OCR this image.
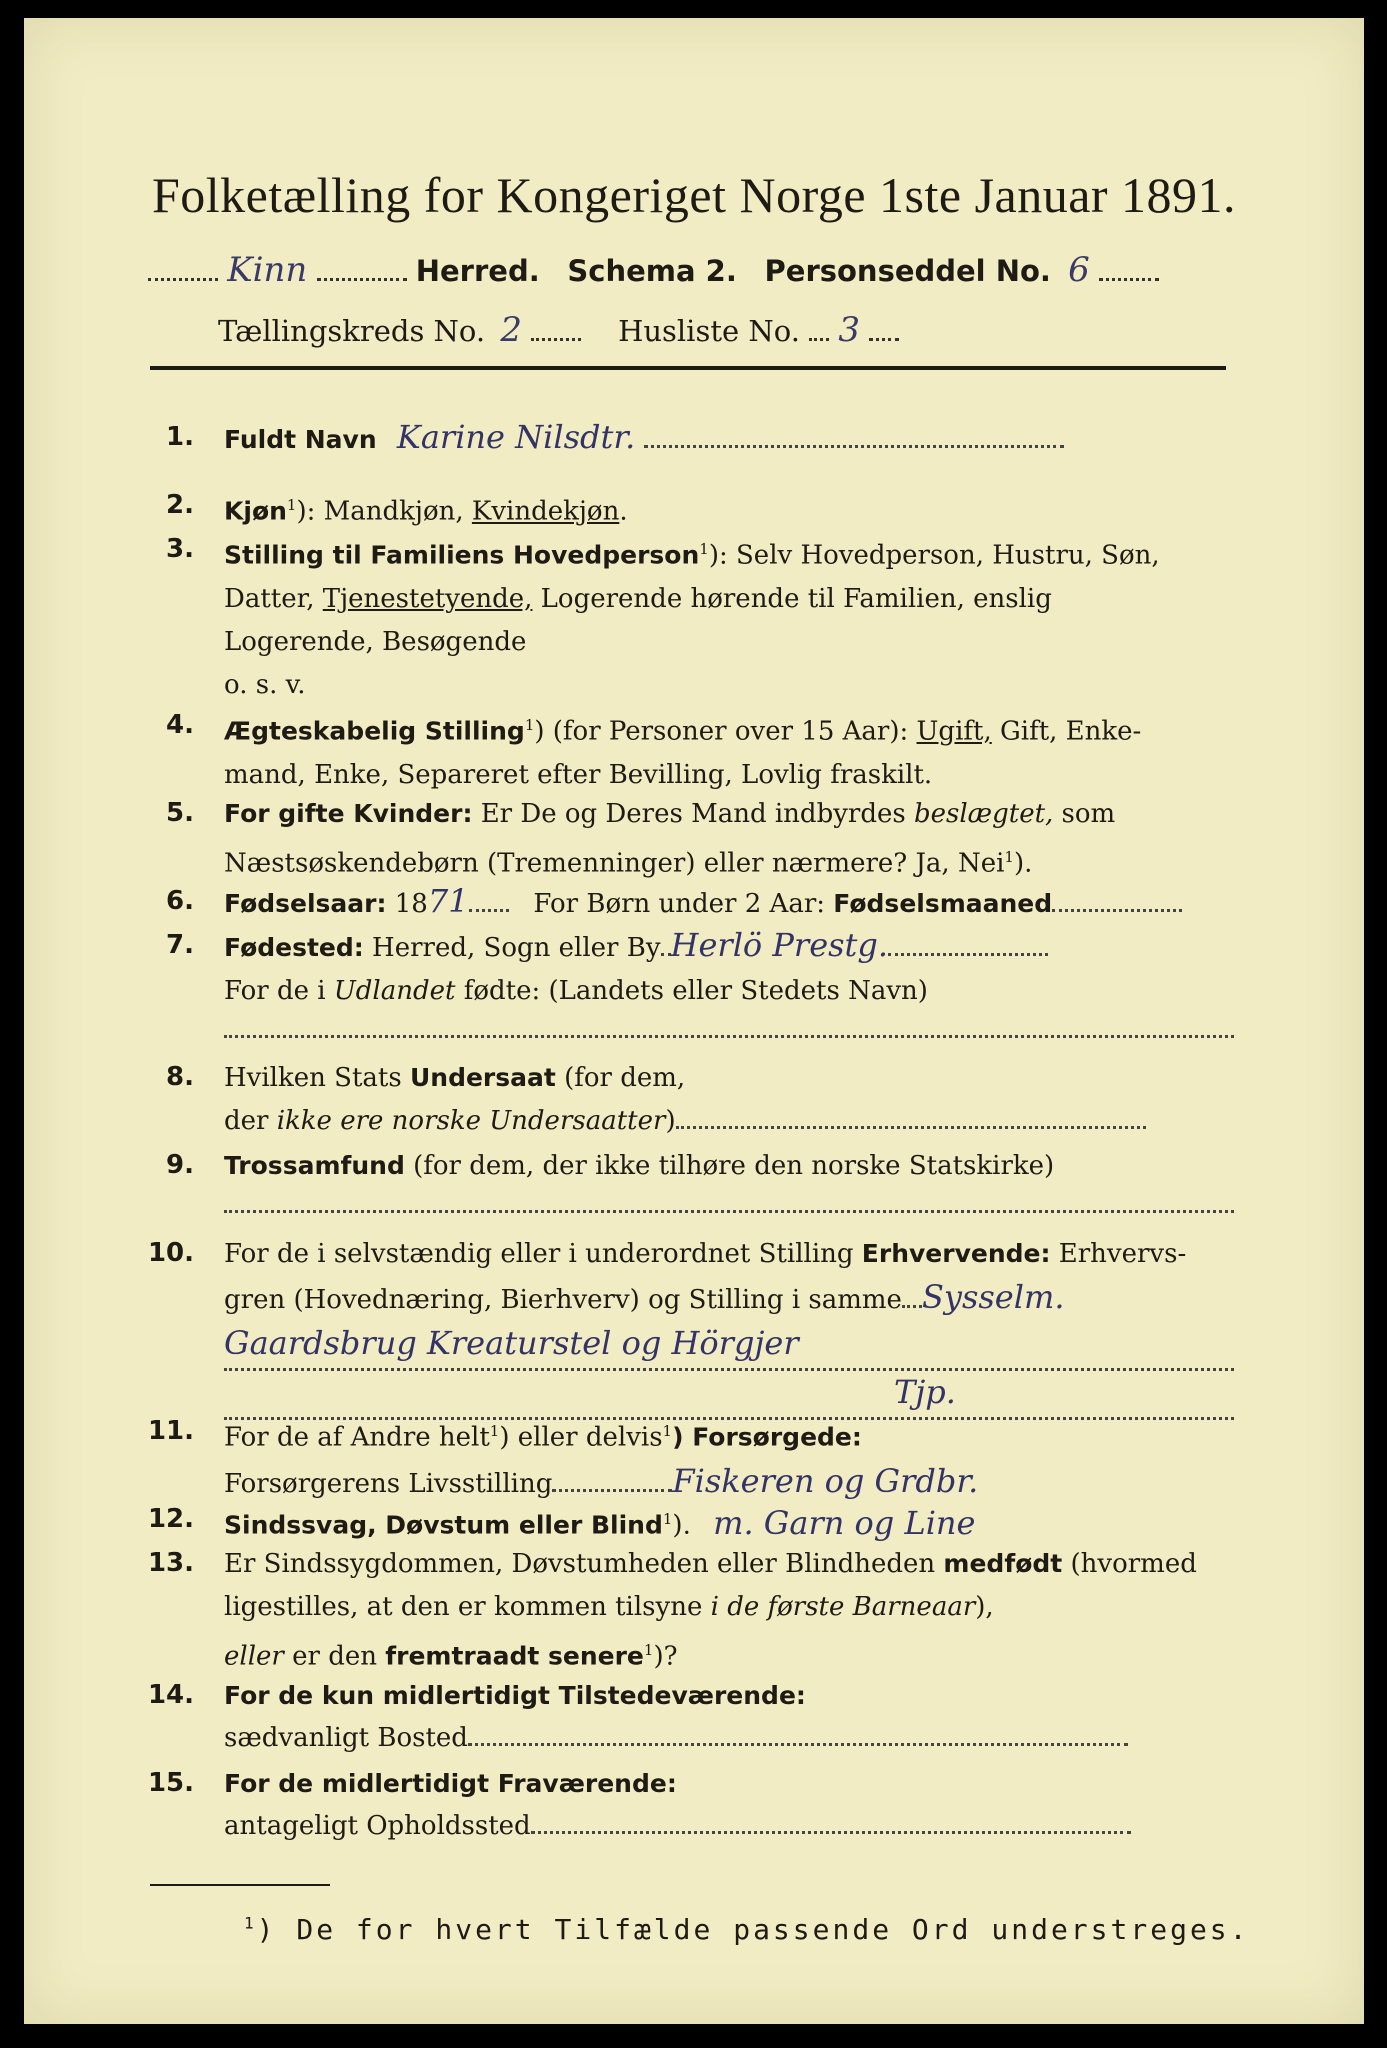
Folketælling for Kongeriget Norge 1ste Januar 1891.
Kinn	Herred. Schema 2. Personseddel No. 6
Tællingskreds No. 2	Husliste No. 3
1. Fuldt Navn Karine Nilsdtr.
2. Kjøn$^1$): Mandkjøn, Kvindekjøn.
3. Stilling til Familiens Hovedperson$^1$): Selv Hovedperson, Hustru, Søn,
Datter, Tjenestetyende, Logerende hørende til Familien, enslig
Logerende, Besøgende
o. s. v.
4. Ægteskabelig Stilling$^1$) (for Personer over 15 Aar): Ugift, Gift, Enke-
mand, Enke, Separeret efter Bevilling, Lovlig fraskilt.
5. For gifte Kvinder: Er De og Deres Mand indbyrdes beslægtet, som
Næstsøskendebørn (Tremenninger) eller nærmere? Ja, Nei$^1$).
6. Fødselsaar: 1871 For Børn under 2 Aar: Fødselsmaaned
7. Fødested: Herred, Sogn eller By Herlö Prestg.
For de i Udlandet fødte: (Landets eller Stedets Navn)
8. Hvilken Stats Undersaat (for dem,
der ikke ere norske Undersaatter)
9. Trossamfund (for dem, der ikke tilhøre den norske Statskirke)
10. For de i selvstændig eller i underordnet Stilling Erhvervende: Erhvervs-
gren (Hovednæring, Bierhverv) og Stilling i samme Sysselm.
Gaardsbrug Kreaturstel og Hörgjer
Tjp.
11. For de af Andre helt$^1$) eller delvis$^1$) Forsørgede:
Forsørgerens Livsstilling	Fiskeren og Grdbr.
12. Sindssvag, Døvstum eller Blind$^1$). m. Garn og Line
13. Er Sindssygdommen, Døvstumheden eller Blindheden medfødt (hvormed
ligestilles, at den er kommen tilsyne i de første Barneaar),
eller er den fremtraadt senere$^1$)?
14. For de kun midlertidigt Tilstedeværende:
sædvanligt Bosted
15. For de midlertidigt Fraværende:
antageligt Opholdssted
$^1$) De for hvert Tilfælde passende Ord understreges.
